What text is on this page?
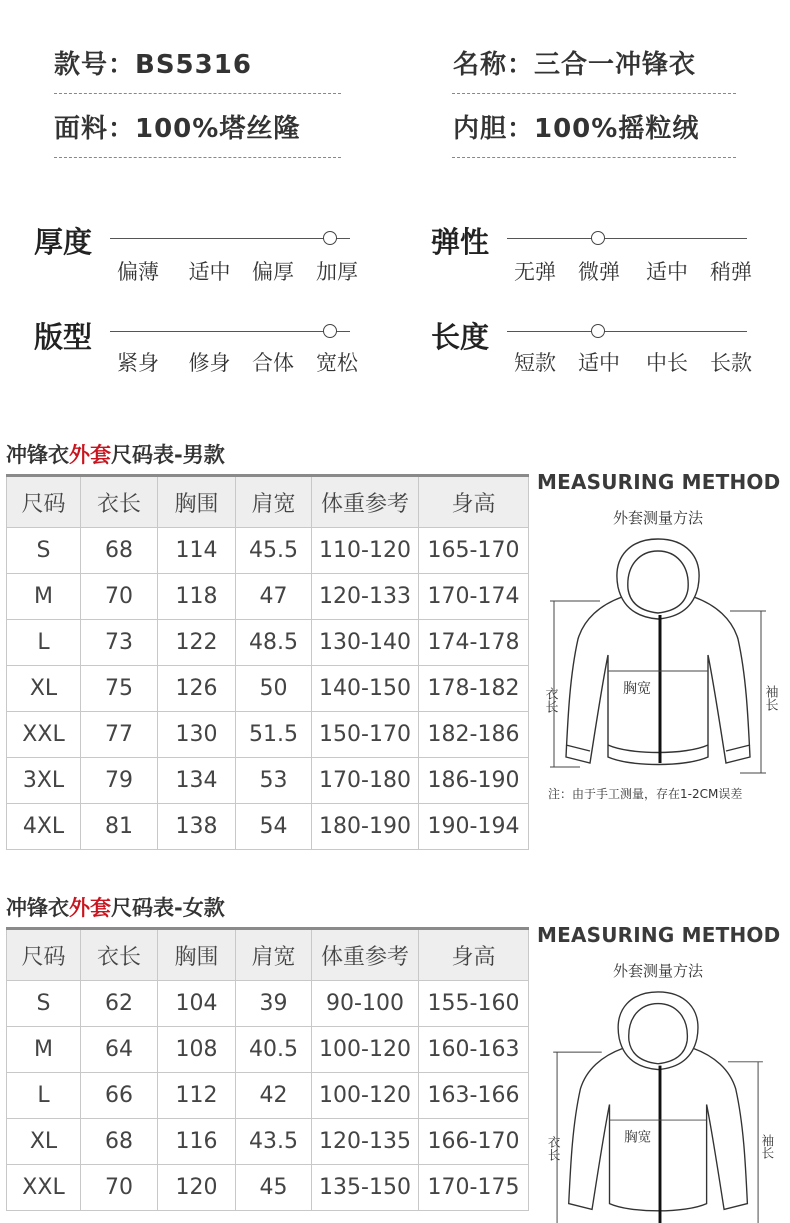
款号：BS5316	名称：三合一冲锋衣
面料：100%塔丝隆	内胆：100%摇粒绒
厚度
偏薄	适中	偏厚	加厚
弹性
无弹	微弹	适中	稍弹
版型
紧身	修身	合体	宽松
长度
短款	适中	中长	长款
冲锋衣外套尺码表-男款
尺码	衣长	胸围	肩宽	体重参考	身高
S	68	114	45.5	110-120	165-170
M	70	118	47	120-133	170-174
L	73	122	48.5	130-140	174-178
XL	75	126	50	140-150	178-182
XXL	77	130	51.5	150-170	182-186
3XL	79	134	53	170-180	186-190
4XL	81	138	54	180-190	190-194
MEASURING METHOD
外套测量方法
衣长	胸宽	袖长
注：由于手工测量，存在1-2CM误差
冲锋衣外套尺码表-女款
尺码	衣长	胸围	肩宽	体重参考	身高
S	62	104	39	90-100	155-160
M	64	108	40.5	100-120	160-163
L	66	112	42	100-120	163-166
XL	68	116	43.5	120-135	166-170
XXL	70	120	45	135-150	170-175
MEASURING METHOD
外套测量方法
衣长	胸宽	袖长
